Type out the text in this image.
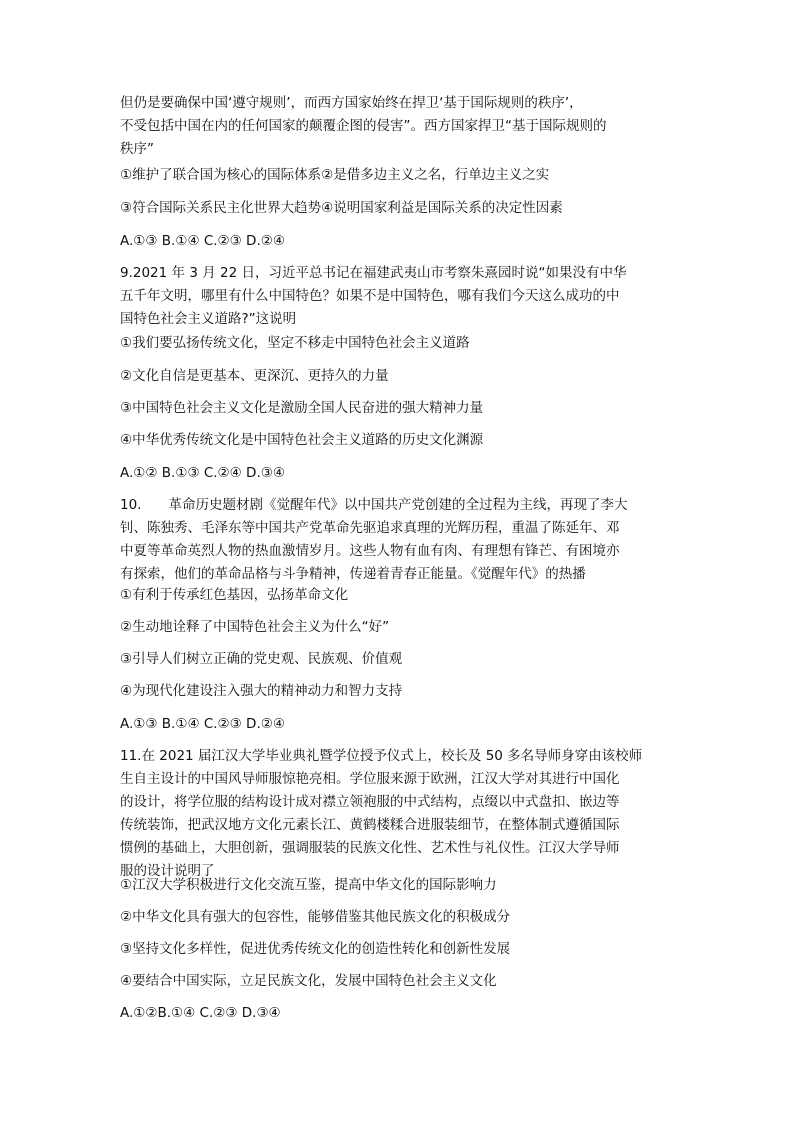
但仍是要确保中国‘遵守规则’，而西方国家始终在捍卫‘基于国际规则的秩序’，
不受包括中国在内的任何国家的颠覆企图的侵害”。西方国家捍卫“基于国际规则的
秩序”

①维护了联合国为核心的国际体系②是借多边主义之名，行单边主义之实

③符合国际关系民主化世界大趋势④说明国家利益是国际关系的决定性因素

A.①③ B.①④ C.②③ D.②④

9.2021 年 3 月 22 日，习近平总书记在福建武夷山市考察朱熹园时说“如果没有中华
五千年文明，哪里有什么中国特色？如果不是中国特色，哪有我们今天这么成功的中
国特色社会主义道路?”这说明

①我们要弘扬传统文化，坚定不移走中国特色社会主义道路

②文化自信是更基本、更深沉、更持久的力量

③中国特色社会主义文化是激励全国人民奋进的强大精神力量

④中华优秀传统文化是中国特色社会主义道路的历史文化渊源

A.①② B.①③ C.②④ D.③④

10.　　革命历史题材剧《觉醒年代》以中国共产党创建的全过程为主线，再现了李大
钊、陈独秀、毛泽东等中国共产党革命先驱追求真理的光辉历程，重温了陈延年、邓
中夏等革命英烈人物的热血激情岁月。这些人物有血有肉、有理想有锋芒、有困境亦
有探索，他们的革命品格与斗争精神，传递着青春正能量。《觉醒年代》的热播

①有利于传承红色基因，弘扬革命文化

②生动地诠释了中国特色社会主义为什么“好”

③引导人们树立正确的党史观、民族观、价值观

④为现代化建设注入强大的精神动力和智力支持

A.①③ B.①④ C.②③ D.②④

11.在 2021 届江汉大学毕业典礼暨学位授予仪式上，校长及 50 多名导师身穿由该校师
生自主设计的中国风导师服惊艳亮相。学位服来源于欧洲，江汉大学对其进行中国化
的设计，将学位服的结构设计成对襟立领袍服的中式结构，点缀以中式盘扣、嵌边等
传统装饰，把武汉地方文化元素长江、黄鹤楼糅合进服装细节，在整体制式遵循国际
惯例的基础上，大胆创新，强调服装的民族文化性、艺术性与礼仪性。江汉大学导师
服的设计说明了

①江汉大学积极进行文化交流互鉴，提高中华文化的国际影响力

②中华文化具有强大的包容性，能够借鉴其他民族文化的积极成分

③坚持文化多样性，促进优秀传统文化的创造性转化和创新性发展

④要结合中国实际，立足民族文化，发展中国特色社会主义文化

A.①②B.①④ C.②③ D.③④
